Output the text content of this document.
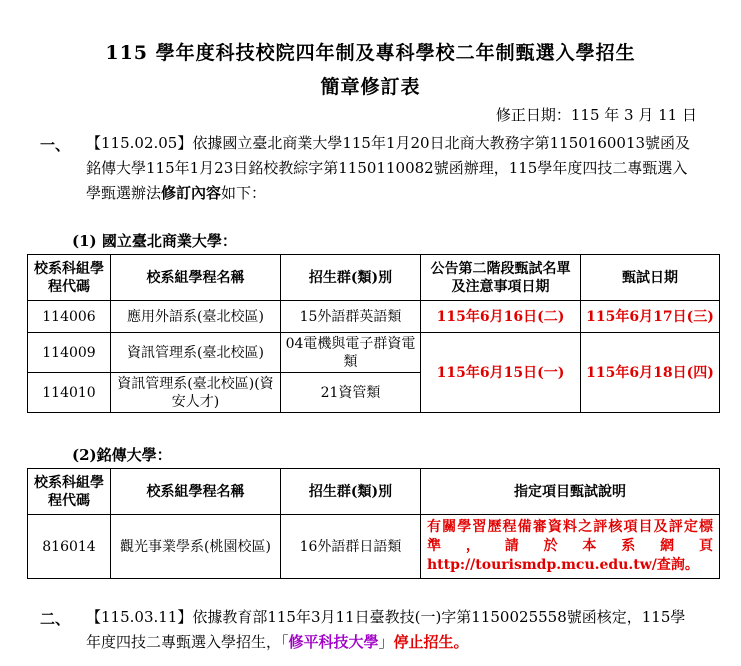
115 學年度科技校院四年制及專科學校二年制甄選入學招生
簡章修訂表
修正日期：115 年 3 月 11 日
一、 【115.02.05】依據國立臺北商業大學115年1月20日北商大教務字第1150160013號函及銘傳大學115年1月23日銘校教綜字第1150110082號函辦理，115學年度四技二專甄選入學甄選辦法修訂內容如下：
(1) 國立臺北商業大學：
校系科組學程代碼	校系組學程名稱	招生群(類)別	公告第二階段甄試名單及注意事項日期	甄試日期
114006	應用外語系(臺北校區)	15外語群英語類	115年6月16日(二)	115年6月17日(三)
114009	資訊管理系(臺北校區)	04電機與電子群資電類	115年6月15日(一)	115年6月18日(四)
114010	資訊管理系(臺北校區)(資安人才)	21資管類		
(2)銘傳大學：
校系科組學程代碼	校系組學程名稱	招生群(類)別	指定項目甄試說明
816014	觀光事業學系(桃園校區)	16外語群日語類	有關學習歷程備審資料之評核項目及評定標準，請於本系網頁http://tourismdp.mcu.edu.tw/查詢。
二、 【115.03.11】依據教育部115年3月11日臺教技(一)字第1150025558號函核定，115學年度四技二專甄選入學招生，「修平科技大學」停止招生。
